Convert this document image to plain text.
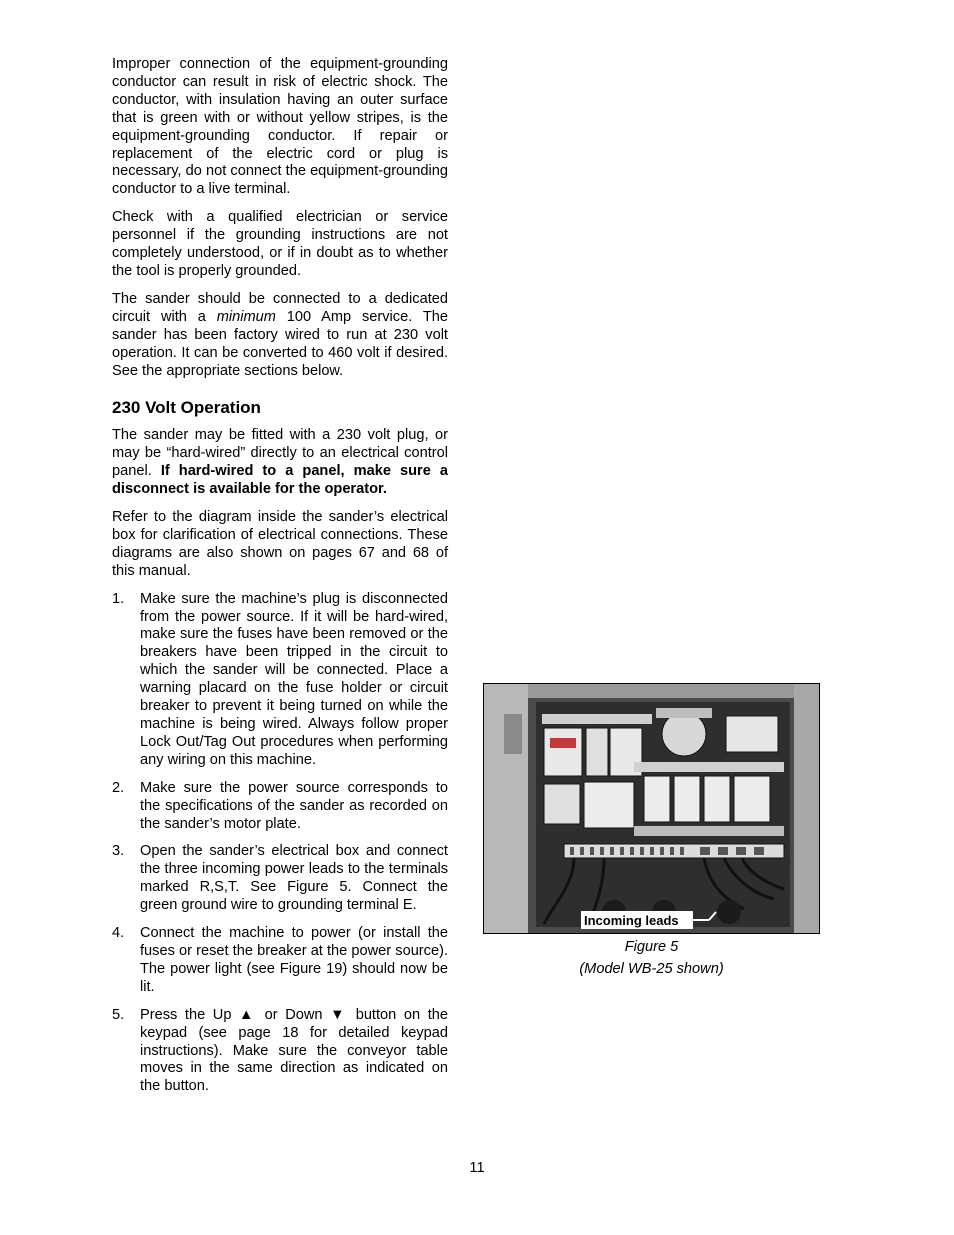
Improper connection of the equipment-grounding conductor can result in risk of electric shock. The conductor, with insulation having an outer surface that is green with or without yellow stripes, is the equipment-grounding conductor. If repair or replacement of the electric cord or plug is necessary, do not connect the equipment-grounding conductor to a live terminal.

Check with a qualified electrician or service personnel if the grounding instructions are not completely understood, or if in doubt as to whether the tool is properly grounded.

The sander should be connected to a dedicated circuit with a minimum 100 Amp service. The sander has been factory wired to run at 230 volt operation. It can be converted to 460 volt if desired. See the appropriate sections below.

230 Volt Operation

The sander may be fitted with a 230 volt plug, or may be “hard-wired” directly to an electrical control panel. If hard-wired to a panel, make sure a disconnect is available for the operator.

Refer to the diagram inside the sander’s electrical box for clarification of electrical connections. These diagrams are also shown on pages 67 and 68 of this manual.

1. Make sure the machine’s plug is disconnected from the power source. If it will be hard-wired, make sure the fuses have been removed or the breakers have been tripped in the circuit to which the sander will be connected. Place a warning placard on the fuse holder or circuit breaker to prevent it being turned on while the machine is being wired. Always follow proper Lock Out/Tag Out procedures when performing any wiring on this machine.
2. Make sure the power source corresponds to the specifications of the sander as recorded on the sander’s motor plate.
3. Open the sander’s electrical box and connect the three incoming power leads to the terminals marked R,S,T. See Figure 5. Connect the green ground wire to grounding terminal E.
4. Connect the machine to power (or install the fuses or reset the breaker at the power source). The power light (see Figure 19) should now be lit.
5. Press the Up ▲ or Down ▼ button on the keypad (see page 18 for detailed keypad instructions). Make sure the conveyor table moves in the same direction as indicated on the button.
Incoming leads
Figure 5
(Model WB-25 shown)
11
